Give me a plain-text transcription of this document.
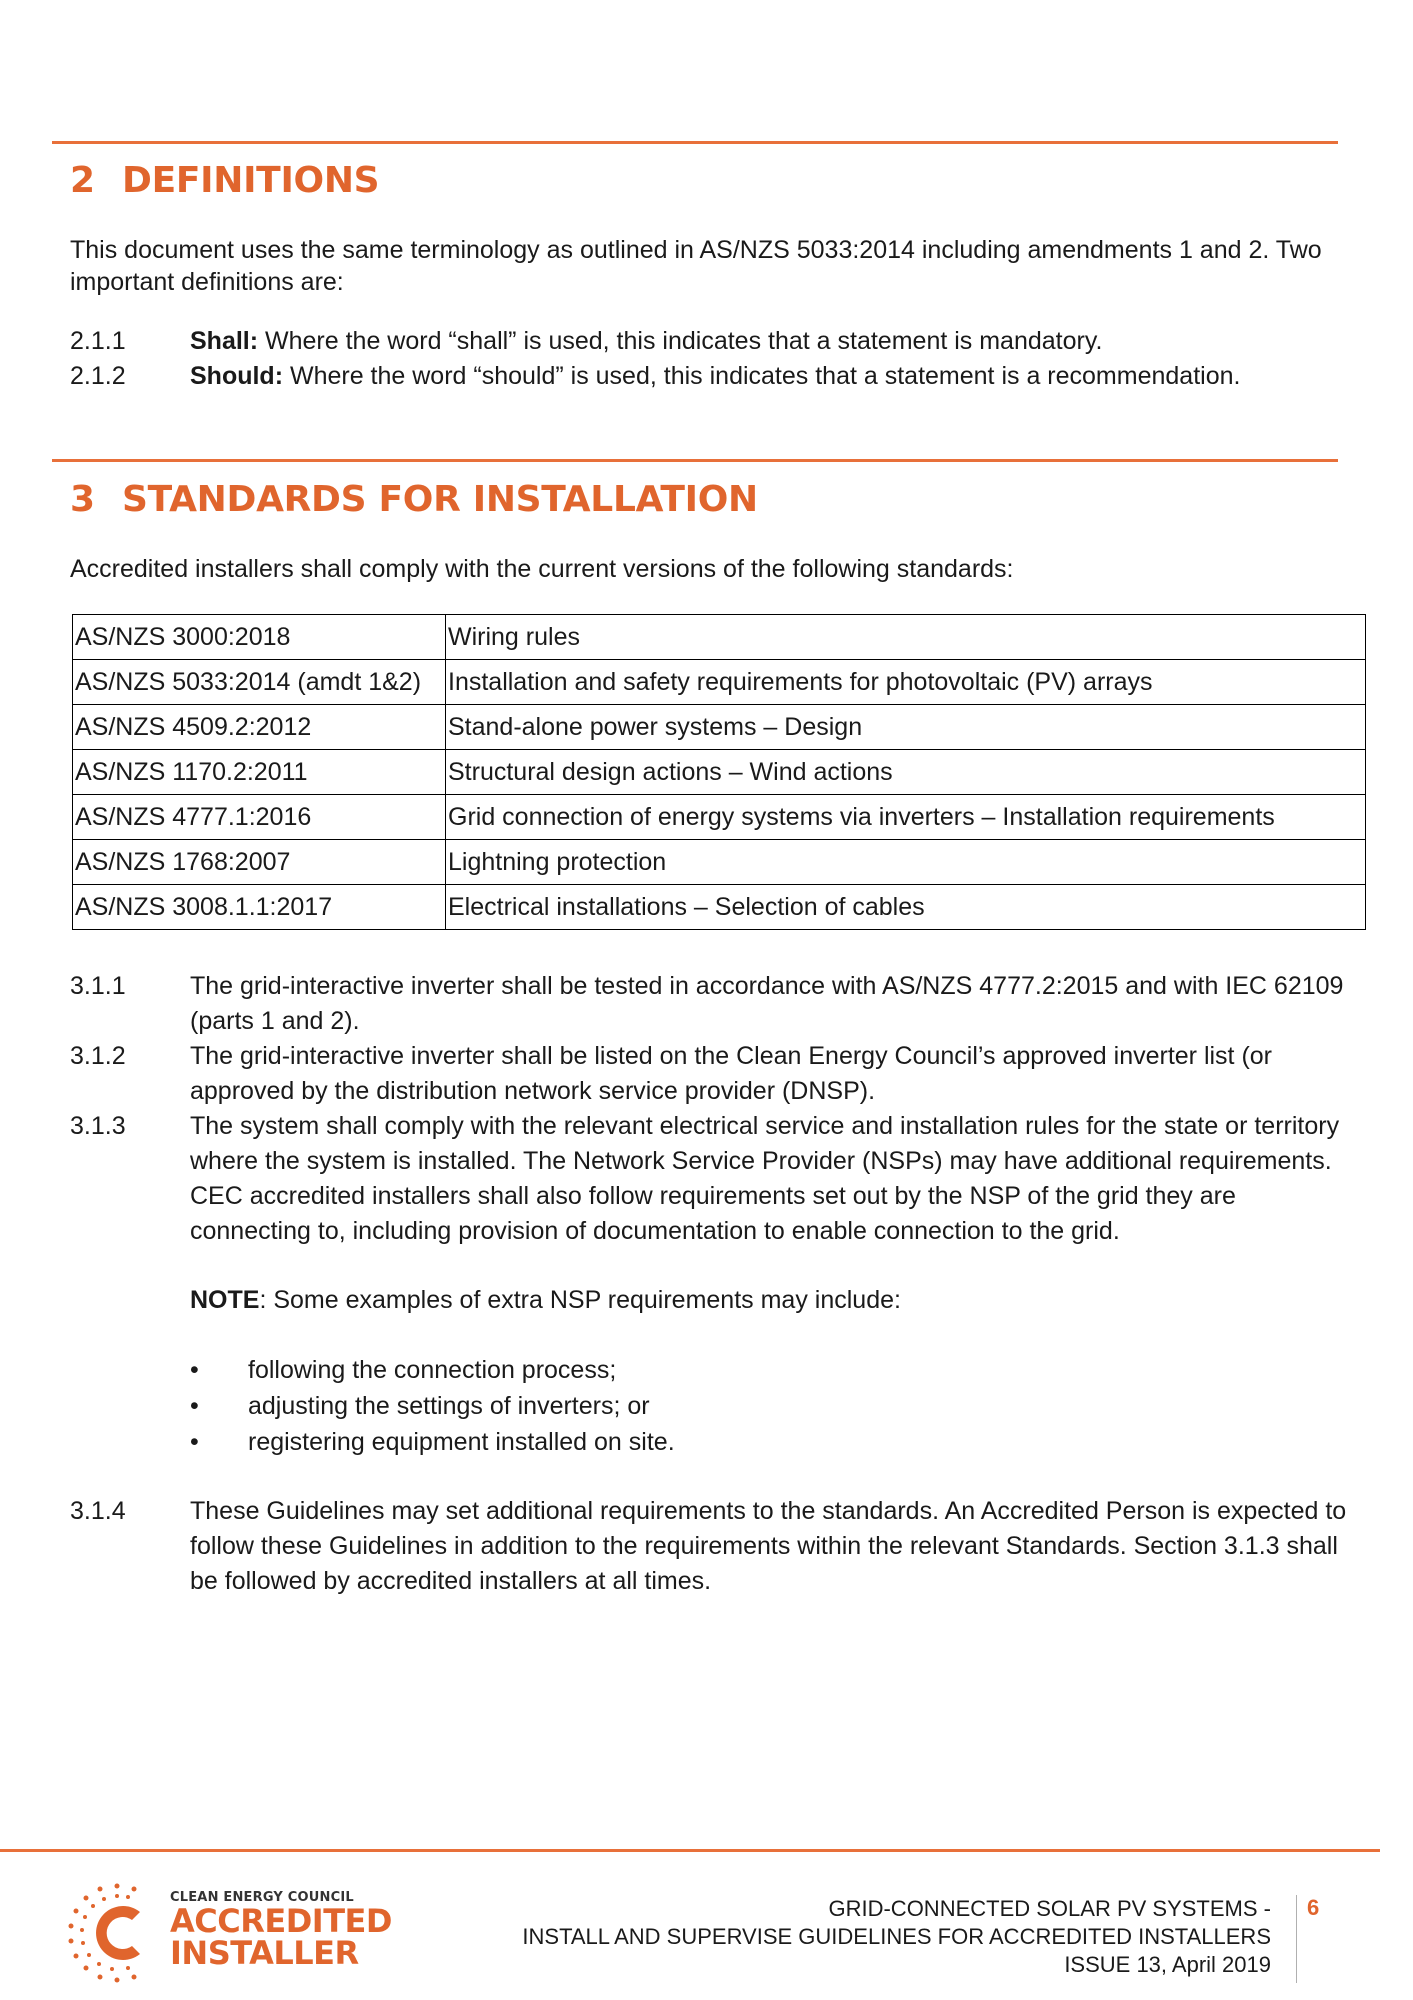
2 DEFINITIONS

This document uses the same terminology as outlined in AS/NZS 5033:2014 including amendments 1 and 2. Two important definitions are:

2.1.1	Shall: Where the word “shall” is used, this indicates that a statement is mandatory.
2.1.2	Should: Where the word “should” is used, this indicates that a statement is a recommendation.
3 STANDARDS FOR INSTALLATION

Accredited installers shall comply with the current versions of the following standards:

AS/NZS 3000:2018	Wiring rules
AS/NZS 5033:2014 (amdt 1&2)	Installation and safety requirements for photovoltaic (PV) arrays
AS/NZS 4509.2:2012	Stand-alone power systems – Design
AS/NZS 1170.2:2011	Structural design actions – Wind actions
AS/NZS 4777.1:2016	Grid connection of energy systems via inverters – Installation requirements
AS/NZS 1768:2007	Lightning protection
AS/NZS 3008.1.1:2017	Electrical installations – Selection of cables
3.1.1	The grid-interactive inverter shall be tested in accordance with AS/NZS 4777.2:2015 and with IEC 62109 (parts 1 and 2).
3.1.2	The grid-interactive inverter shall be listed on the Clean Energy Council’s approved inverter list (or approved by the distribution network service provider (DNSP).
3.1.3	The system shall comply with the relevant electrical service and installation rules for the state or territory where the system is installed. The Network Service Provider (NSPs) may have additional requirements. CEC accredited installers shall also follow requirements set out by the NSP of the grid they are connecting to, including provision of documentation to enable connection to the grid.
NOTE: Some examples of extra NSP requirements may include:
• following the connection process;
• adjusting the settings of inverters; or
• registering equipment installed on site.
3.1.4	These Guidelines may set additional requirements to the standards. An Accredited Person is expected to follow these Guidelines in addition to the requirements within the relevant Standards. Section 3.1.3 shall be followed by accredited installers at all times.
CLEAN ENERGY COUNCIL
ACCREDITED
INSTALLER
GRID-CONNECTED SOLAR PV SYSTEMS -
INSTALL AND SUPERVISE GUIDELINES FOR ACCREDITED INSTALLERS
ISSUE 13, April 2019
6
